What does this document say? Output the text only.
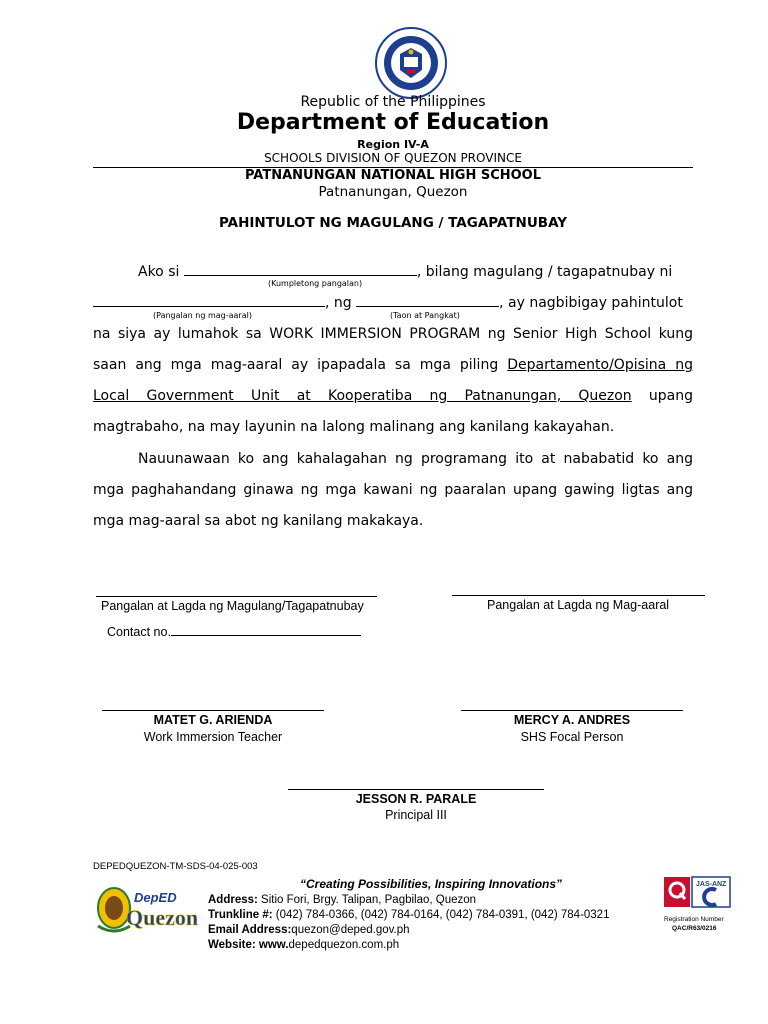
Republic of the Philippines
Department of Education
Region IV-A
SCHOOLS DIVISION OF QUEZON PROVINCE
PATNANUNGAN NATIONAL HIGH SCHOOL
Patnanungan, Quezon
PAHINTULOT NG MAGULANG / TAGAPATNUBAY
Ako si	, bilang magulang / tagapatnubay ni
(Kumpletong pangalan)
, ng	, ay nagbibigay pahintulot
(Pangalan ng mag-aaral)	(Taon at Pangkat)
na siya ay lumahok sa WORK IMMERSION PROGRAM ng Senior High School kung
saan ang mga mag-aaral ay ipapadala sa mga piling Departamento/Opisina ng
Local Government Unit at Kooperatiba ng Patnanungan, Quezon upang
magtrabaho, na may layunin na lalong malinang ang kanilang kakayahan.
Nauunawaan ko ang kahalagahan ng programang ito at nababatid ko ang
mga paghahandang ginawa ng mga kawani ng paaralan upang gawing ligtas ang
mga mag-aaral sa abot ng kanilang makakaya.
Pangalan at Lagda ng Magulang/Tagapatnubay
Contact no.
Pangalan at Lagda ng Mag-aaral
MATET G. ARIENDA
Work Immersion Teacher
MERCY A. ANDRES
SHS Focal Person
JESSON R. PARALE
Principal III
DEPEDQUEZON-TM-SDS-04-025-003
DepED
Quezon
“Creating Possibilities, Inspiring Innovations”
Address: Sitio Fori, Brgy. Talipan, Pagbilao, Quezon
Trunkline #: (042) 784-0366, (042) 784-0164, (042) 784-0391, (042) 784-0321
Email Address:quezon@deped.gov.ph
Website: www.depedquezon.com.ph
JAS-ANZ
Registration Number
QAC/R63/0216
